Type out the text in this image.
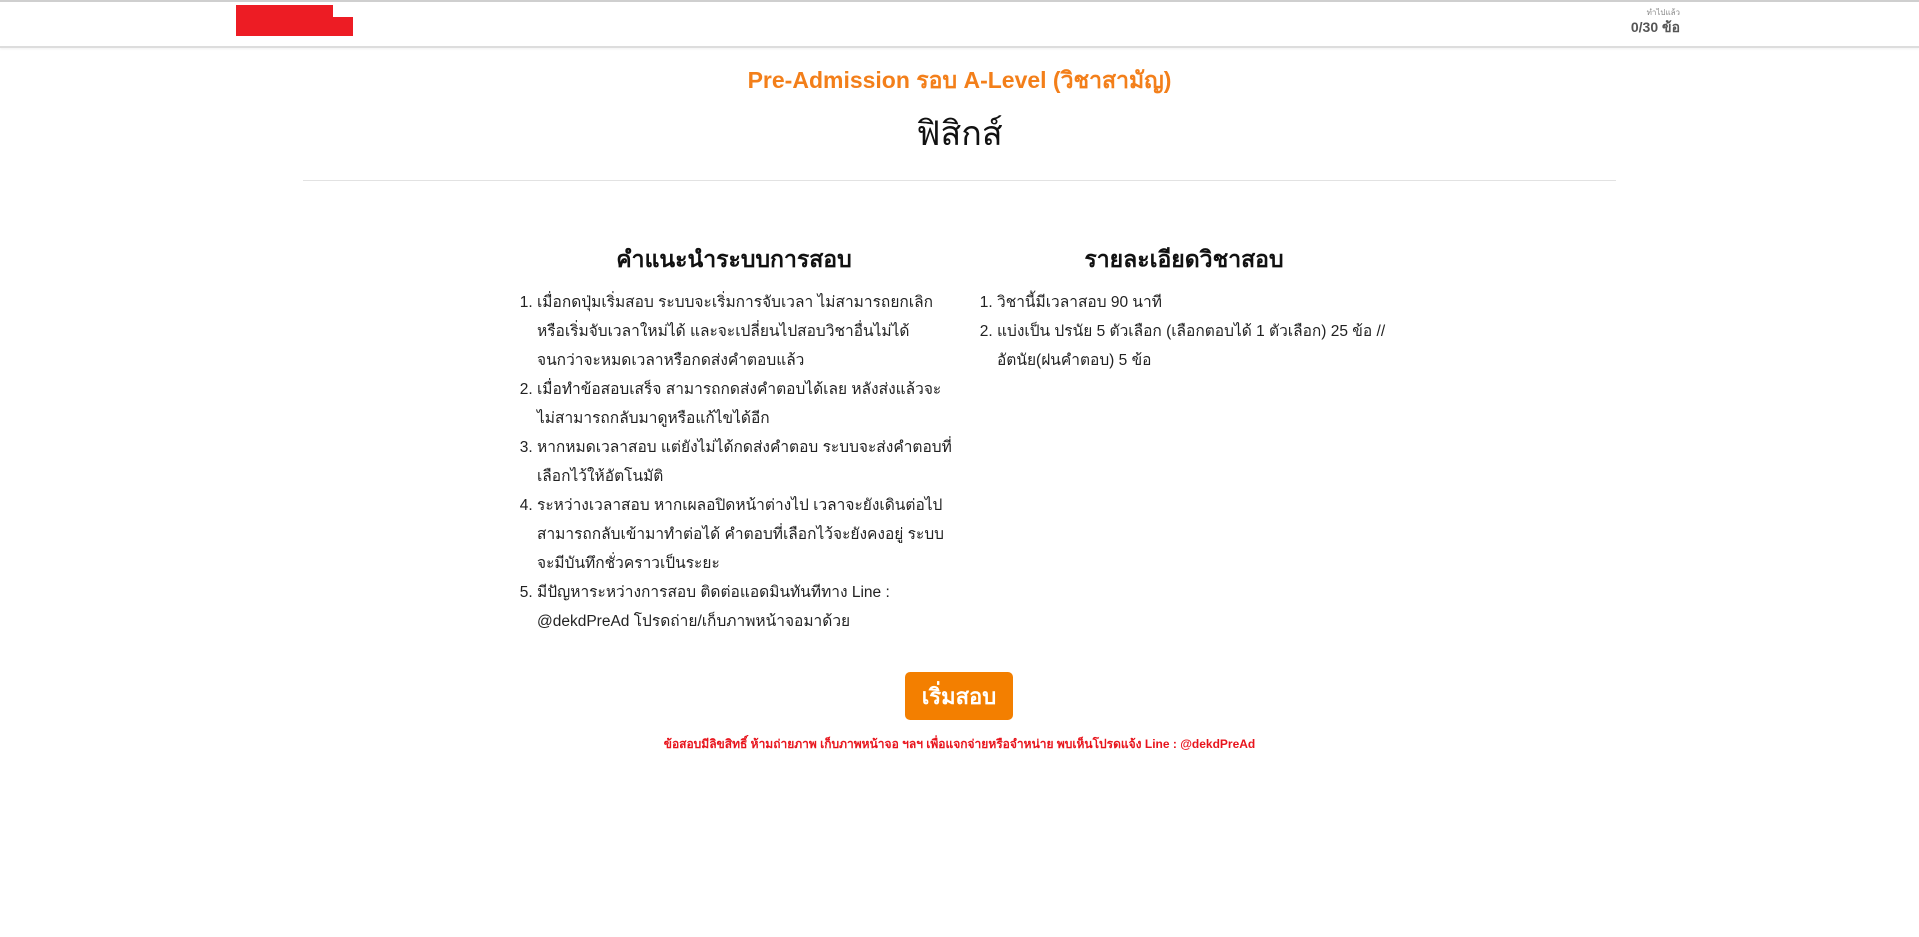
ทำไปแล้ว
0/30 ข้อ
Pre-Admission รอบ A-Level (วิชาสามัญ)
ฟิสิกส์
คำแนะนำระบบการสอบ
1. เมื่อกดปุ่มเริ่มสอบ ระบบจะเริ่มการจับเวลา ไม่สามารถยกเลิกหรือเริ่มจับเวลาใหม่ได้ และจะเปลี่ยนไปสอบวิชาอื่นไม่ได้ จนกว่าจะหมดเวลาหรือกดส่งคำตอบแล้ว
2. เมื่อทำข้อสอบเสร็จ สามารถกดส่งคำตอบได้เลย หลังส่งแล้วจะไม่สามารถกลับมาดูหรือแก้ไขได้อีก
3. หากหมดเวลาสอบ แต่ยังไม่ได้กดส่งคำตอบ ระบบจะส่งคำตอบที่เลือกไว้ให้อัตโนมัติ
4. ระหว่างเวลาสอบ หากเผลอปิดหน้าต่างไป เวลาจะยังเดินต่อไป สามารถกลับเข้ามาทำต่อได้ คำตอบที่เลือกไว้จะยังคงอยู่ ระบบจะมีบันทึกชั่วคราวเป็นระยะ
5. มีปัญหาระหว่างการสอบ ติดต่อแอดมินทันทีทาง Line : @dekdPreAd โปรดถ่าย/เก็บภาพหน้าจอมาด้วย
รายละเอียดวิชาสอบ
1. วิชานี้มีเวลาสอบ 90 นาที
2. แบ่งเป็น ปรนัย 5 ตัวเลือก (เลือกตอบได้ 1 ตัวเลือก) 25 ข้อ // อัตนัย(ฝนคำตอบ) 5 ข้อ
เริ่มสอบ
ข้อสอบมีลิขสิทธิ์ ห้ามถ่ายภาพ เก็บภาพหน้าจอ ฯลฯ เพื่อแจกจ่ายหรือจำหน่าย พบเห็นโปรดแจ้ง Line : @dekdPreAd
